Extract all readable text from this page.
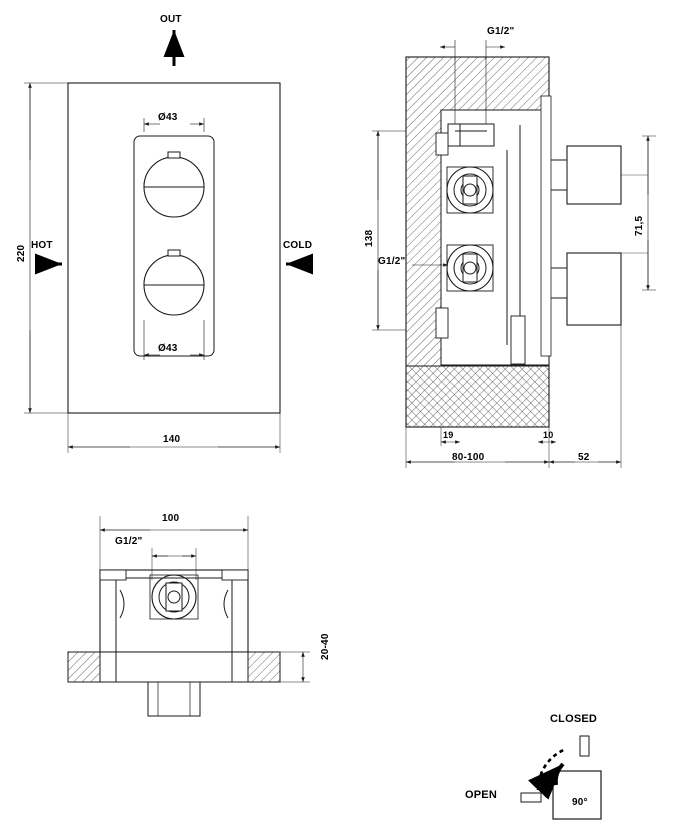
OUT
HOT	COLD
Ø43
Ø43
220
140
G1/2"
G1/2"
138
71,5
80-100	52
19	10
100
G1/2"
20-40
CLOSED
OPEN
90°
